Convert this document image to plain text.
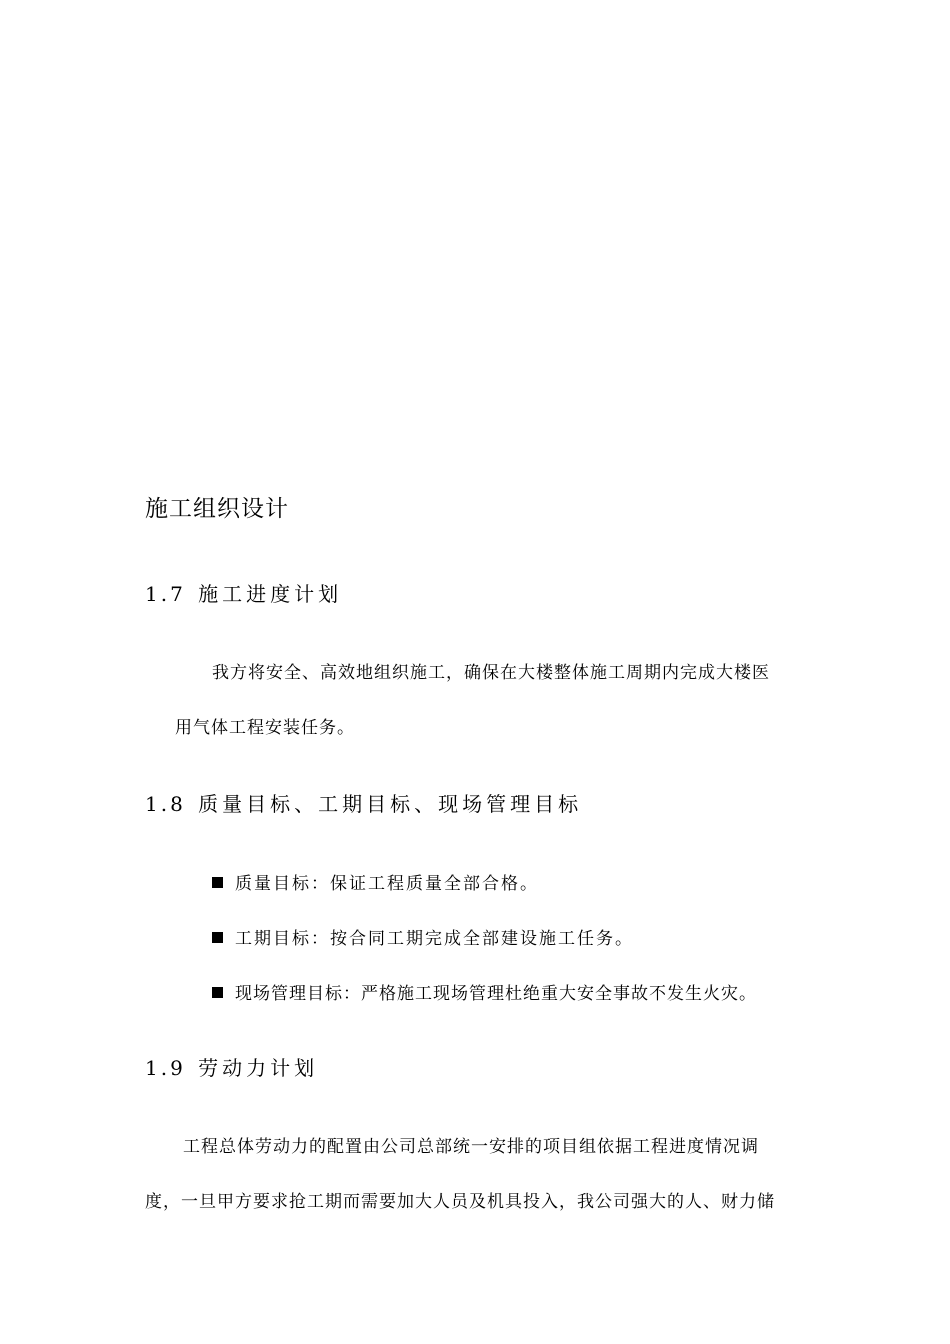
施工组织设计
1.7 施工进度计划
我方将安全、高效地组织施工，确保在大楼整体施工周期内完成大楼医
用气体工程安装任务。
1.8 质量目标、工期目标、现场管理目标
质量目标：保证工程质量全部合格。
工期目标：按合同工期完成全部建设施工任务。
现场管理目标：严格施工现场管理杜绝重大安全事故不发生火灾。
1.9 劳动力计划
工程总体劳动力的配置由公司总部统一安排的项目组依据工程进度情况调
度，一旦甲方要求抢工期而需要加大人员及机具投入，我公司强大的人、财力储
